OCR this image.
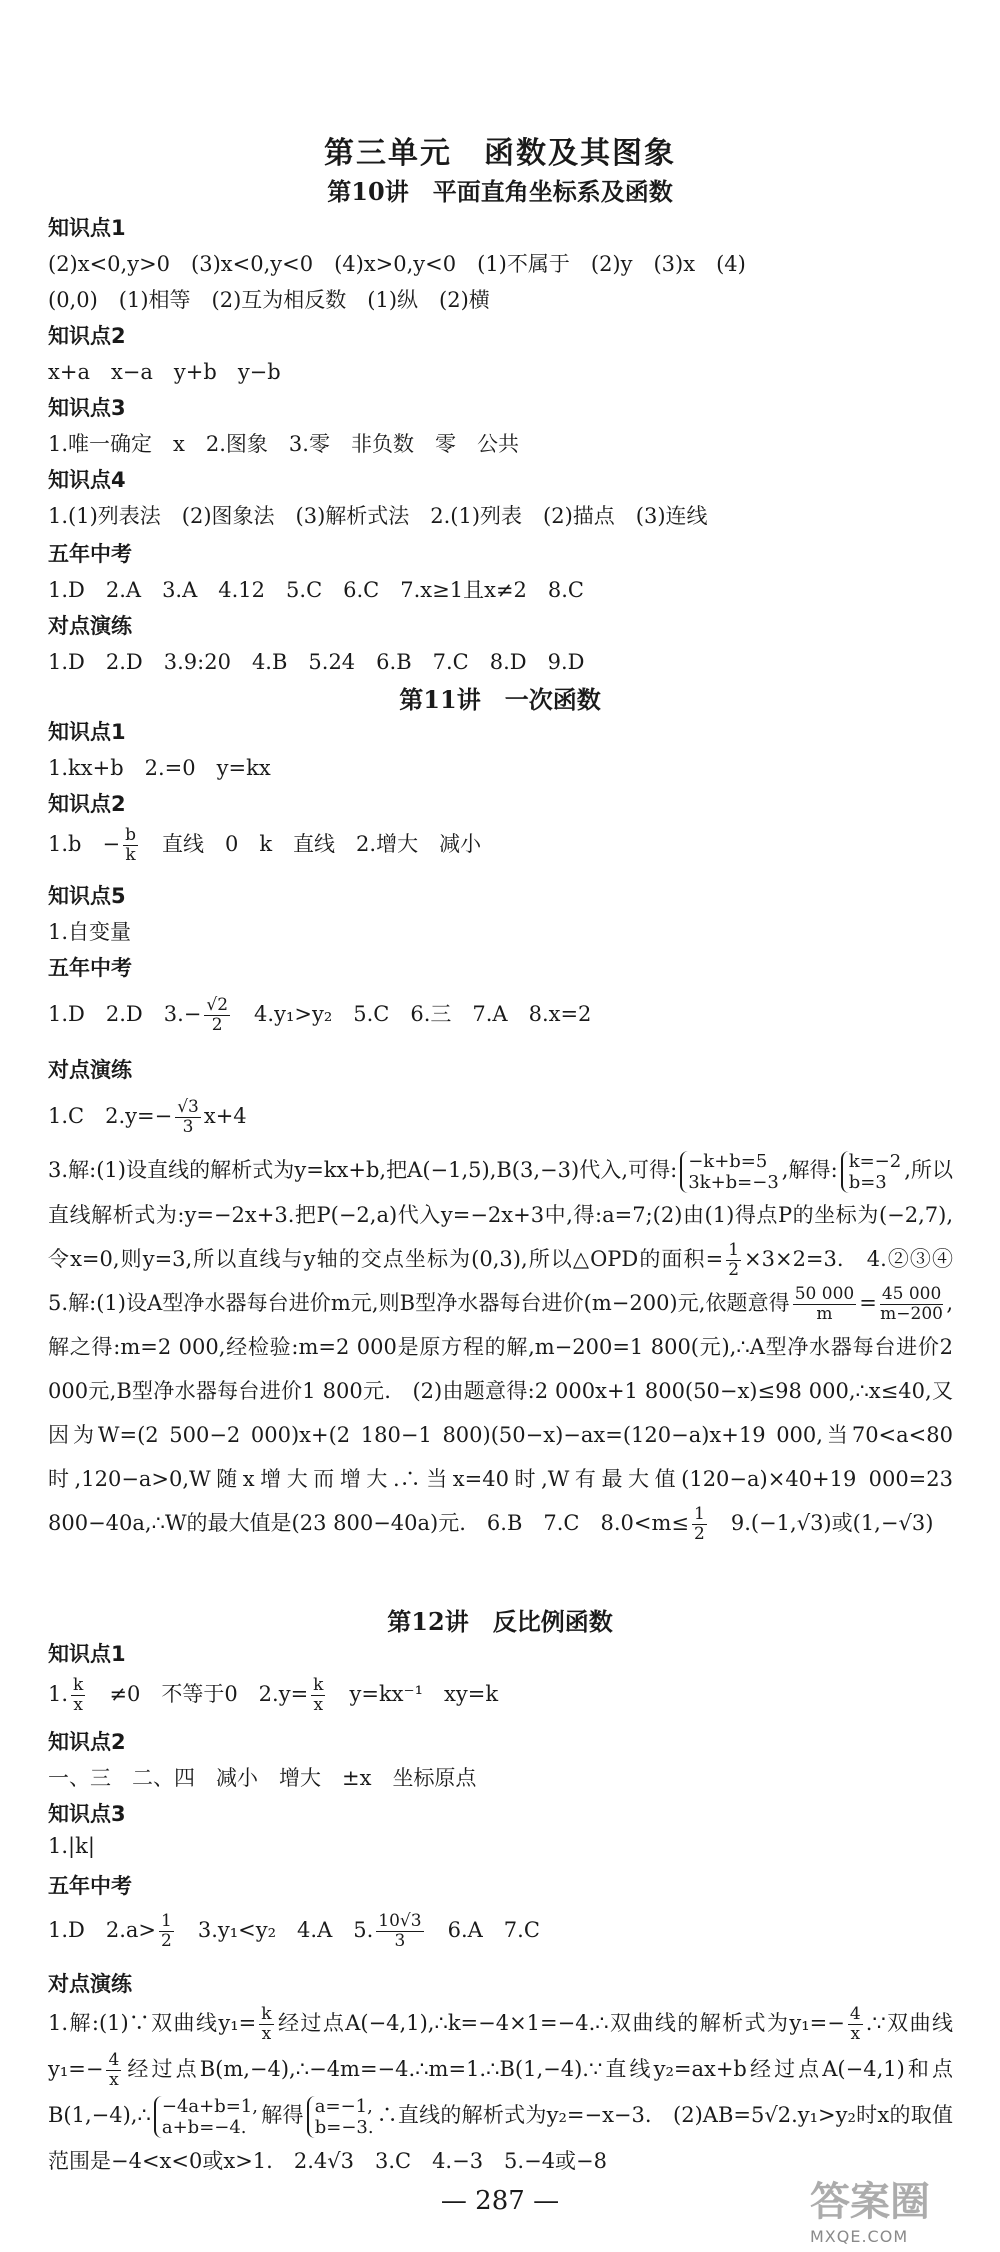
第三单元　函数及其图象
第10讲　平面直角坐标系及函数
知识点1
(2)x<0,y>0　(3)x<0,y<0　(4)x>0,y<0　(1)不属于　(2)y　(3)x　(4)
(0,0)　(1)相等　(2)互为相反数　(1)纵　(2)横
知识点2
x+a　x−a　y+b　y−b
知识点3
1.唯一确定　x　2.图象　3.零　非负数　零　公共
知识点4
1.(1)列表法　(2)图象法　(3)解析式法　2.(1)列表　(2)描点　(3)连线
五年中考
1.D　2.A　3.A　4.12　5.C　6.C　7.x≥1且x≠2　8.C
对点演练
1.D　2.D　3.9:20　4.B　5.24　6.B　7.C　8.D　9.D
第11讲　一次函数
知识点1
1.kx+b　2.=0　y=kx
知识点2
1.b　− $\frac{b}{k}$ 　直线　0　k　直线　2.增大　减小
知识点5
1.自变量
五年中考
1.D　2.D　$3.- \frac{√2}{2}$ 　4.y₁>y₂　5.C　6.三　7.A　8.x=2
对点演练
1.C　$2.y=- \frac{√3}{3} x+4$
3.解:(1)设直线的解析式为y=kx+b,把A(−1,5),B(3,−3)代入,可得: −k+b=5
3k+b=−3 ,解得: k=−2
b=3 ,所以直线解析式为:y=−2x+3.把P(−2,a)代入y=−2x+3中,得:a=7;(2)由(1)得点P的坐标为(−2,7),令x=0,则y=3,所以直线与y轴的交点坐标为(0,3),所以△OPD的面积= $\frac{1}{2} \times 3\times 2=3$.　4.②③④　5.解:(1)设A型净水器每台进价m元,则B型净水器每台进价(m−200)元,依题意得 $\frac{50 000}{m} = \frac{45 000}{m-200}$ ,解之得:m=2 000,经检验:m=2 000是原方程的解,m−200=1 800(元),∴A型净水器每台进价2 000元,B型净水器每台进价1 800元.　(2)由题意得:2 000x+1 800(50−x)≤98 000,∴x≤40,又因为W=(2 500−2 000)x+(2 180−1 800)(50−x)−ax=(120−a)x+19 000,当70<a<80时,120−a>0,W随x增大而增大.∴当x=40时,W有最大值(120−a)×40+19 000=23 800−40a,∴W的最大值是(23 800−40a)元.　6.B　7.C　$8.0<m\le \frac{1}{2}$ 　9.(−1,√3)或(1,−√3)
第12讲　反比例函数
知识点1
1. $\frac{k}{x}$ 　≠0　不等于0　$2.y= \frac{k}{x}$ 　y=kx⁻¹　xy=k
知识点2
一、三　二、四　减小　增大　±x　坐标原点
知识点3
1.|k|
五年中考
1.D　$2.a> \frac{1}{2}$ 　3.y₁<y₂　4.A　5. $\frac{10√3}{3}$ 　6.A　7.C
对点演练
1.解:(1)∵双曲线$y_1= \frac{k}{x}$ 经过点A(−4,1),∴k=−4×1=−4.∴双曲线的解析式为$y_1=- \frac{4}{x}$ .∵双曲线$y_1=- \frac{4}{x}$ 经过点B(m,−4),∴−4m=−4.∴m=1.∴B(1,−4).∵直线y₂=ax+b经过点A(−4,1)和点B(1,−4),∴ −4a+b=1,
a+b=−4. 解得 a=−1,
b=−3. ∴直线的解析式为y₂=−x−3.　(2)AB=5√2.y₁>y₂时x的取值范围是−4<x<0或x>1.　2.4√3　3.C　4.−3　5.−4或−8
— 287 —	答案圈
MXQE.COM
